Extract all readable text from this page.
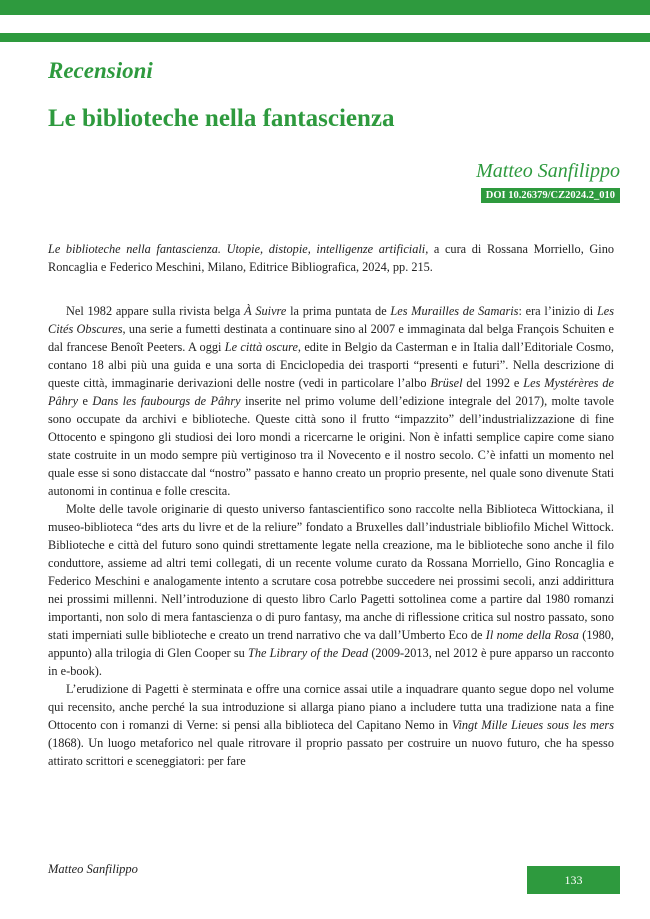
Recensioni
Le biblioteche nella fantascienza
Matteo Sanfilippo
DOI 10.26379/CZ2024.2_010

Le biblioteche nella fantascienza. Utopie, distopie, intelligenze artificiali, a cura di Rossana Morriello, Gino Roncaglia e Federico Meschini, Milano, Editrice Bibliografica, 2024, pp. 215.

Nel 1982 appare sulla rivista belga À Suivre la prima puntata de Les Murailles de Samaris: era l’inizio di Les Cités Obscures, una serie a fumetti destinata a continuare sino al 2007 e immaginata dal belga François Schuiten e dal francese Benoît Peeters. A oggi Le città oscure, edite in Belgio da Casterman e in Italia dall’Editoriale Cosmo, contano 18 albi più una guida e una sorta di Enciclopedia dei trasporti “presenti e futuri”. Nella descrizione di queste città, immaginarie derivazioni delle nostre (vedi in particolare l’albo Brüsel del 1992 e Les Mystérères de Pâhry e Dans les faubourgs de Pâhry inserite nel primo volume dell’edizione integrale del 2017), molte tavole sono occupate da archivi e biblioteche. Queste città sono il frutto “impazzito” dell’industrializzazione di fine Ottocento e spingono gli studiosi dei loro mondi a ricercarne le origini. Non è infatti semplice capire come siano state costruite in un modo sempre più vertiginoso tra il Novecento e il nostro secolo. C’è infatti un momento nel quale esse si sono distaccate dal “nostro” passato e hanno creato un proprio presente, nel quale sono divenute Stati autonomi in continua e folle crescita.

Molte delle tavole originarie di questo universo fantascientifico sono raccolte nella Biblioteca Wittockiana, il museo-biblioteca “des arts du livre et de la reliure” fondato a Bruxelles dall’industriale bibliofilo Michel Wittock. Biblioteche e città del futuro sono quindi strettamente legate nella creazione, ma le biblioteche sono anche il filo conduttore, assieme ad altri temi collegati, di un recente volume curato da Rossana Morriello, Gino Roncaglia e Federico Meschini e analogamente intento a scrutare cosa potrebbe succedere nei prossimi secoli, anzi addirittura nei prossimi millenni. Nell’introduzione di questo libro Carlo Pagetti sottolinea come a partire dal 1980 romanzi importanti, non solo di mera fantascienza o di puro fantasy, ma anche di riflessione critica sul nostro passato, sono stati imperniati sulle biblioteche e creato un trend narrativo che va dall’Umberto Eco de Il nome della Rosa (1980, appunto) alla trilogia di Glen Cooper su The Library of the Dead (2009-2013, nel 2012 è pure apparso un racconto in e-book).

L’erudizione di Pagetti è sterminata e offre una cornice assai utile a inquadrare quanto segue dopo nel volume qui recensito, anche perché la sua introduzione si allarga piano piano a includere tutta una tradizione nata a fine Ottocento con i romanzi di Verne: si pensi alla biblioteca del Capitano Nemo in Vingt Mille Lieues sous les mers (1868). Un luogo metaforico nel quale ritrovare il proprio passato per costruire un nuovo futuro, che ha spesso attirato scrittori e sceneggiatori: per fare

Matteo Sanfilippo
133
